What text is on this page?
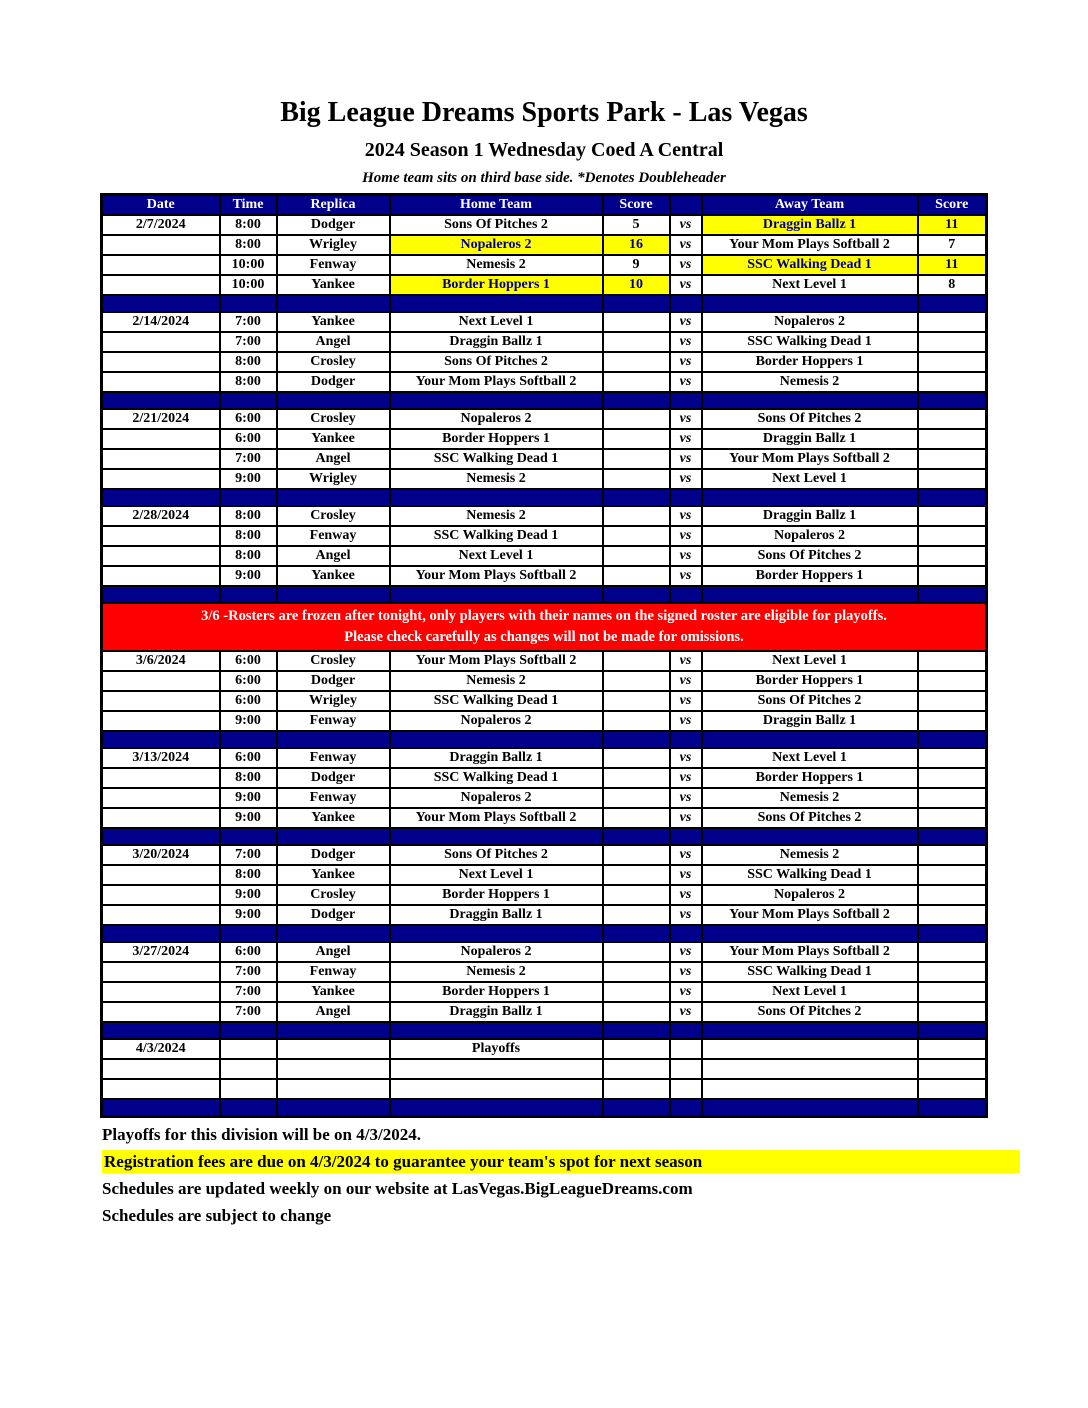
Big League Dreams Sports Park - Las Vegas
2024 Season 1 Wednesday Coed A Central
Home team sits on third base side. *Denotes Doubleheader
Date	Time	Replica	Home Team	Score		Away Team	Score
2/7/2024	8:00	Dodger	Sons Of Pitches 2	5	vs	Draggin Ballz 1	11
	8:00	Wrigley	Nopaleros 2	16	vs	Your Mom Plays Softball 2	7
	10:00	Fenway	Nemesis 2	9	vs	SSC Walking Dead 1	11
	10:00	Yankee	Border Hoppers 1	10	vs	Next Level 1	8

2/14/2024	7:00	Yankee	Next Level 1		vs	Nopaleros 2	
	7:00	Angel	Draggin Ballz 1		vs	SSC Walking Dead 1	
	8:00	Crosley	Sons Of Pitches 2		vs	Border Hoppers 1	
	8:00	Dodger	Your Mom Plays Softball 2		vs	Nemesis 2	

2/21/2024	6:00	Crosley	Nopaleros 2		vs	Sons Of Pitches 2	
	6:00	Yankee	Border Hoppers 1		vs	Draggin Ballz 1	
	7:00	Angel	SSC Walking Dead 1		vs	Your Mom Plays Softball 2	
	9:00	Wrigley	Nemesis 2		vs	Next Level 1	

2/28/2024	8:00	Crosley	Nemesis 2		vs	Draggin Ballz 1	
	8:00	Fenway	SSC Walking Dead 1		vs	Nopaleros 2	
	8:00	Angel	Next Level 1		vs	Sons Of Pitches 2	
	9:00	Yankee	Your Mom Plays Softball 2		vs	Border Hoppers 1	

3/6 -Rosters are frozen after tonight, only players with their names on the signed roster are eligible for playoffs.
Please check carefully as changes will not be made for omissions.							

3/6/2024	6:00	Crosley	Your Mom Plays Softball 2		vs	Next Level 1	
	6:00	Dodger	Nemesis 2		vs	Border Hoppers 1	
	6:00	Wrigley	SSC Walking Dead 1		vs	Sons Of Pitches 2	
	9:00	Fenway	Nopaleros 2		vs	Draggin Ballz 1	

3/13/2024	6:00	Fenway	Draggin Ballz 1		vs	Next Level 1	
	8:00	Dodger	SSC Walking Dead 1		vs	Border Hoppers 1	
	9:00	Fenway	Nopaleros 2		vs	Nemesis 2	
	9:00	Yankee	Your Mom Plays Softball 2		vs	Sons Of Pitches 2	

3/20/2024	7:00	Dodger	Sons Of Pitches 2		vs	Nemesis 2	
	8:00	Yankee	Next Level 1		vs	SSC Walking Dead 1	
	9:00	Crosley	Border Hoppers 1		vs	Nopaleros 2	
	9:00	Dodger	Draggin Ballz 1		vs	Your Mom Plays Softball 2	

3/27/2024	6:00	Angel	Nopaleros 2		vs	Your Mom Plays Softball 2	
	7:00	Fenway	Nemesis 2		vs	SSC Walking Dead 1	
	7:00	Yankee	Border Hoppers 1		vs	Next Level 1	
	7:00	Angel	Draggin Ballz 1		vs	Sons Of Pitches 2	

4/3/2024			Playoffs				

Playoffs for this division will be on 4/3/2024.
Registration fees are due on 4/3/2024 to guarantee your team's spot for next season
Schedules are updated weekly on our website at LasVegas.BigLeagueDreams.com
Schedules are subject to change
